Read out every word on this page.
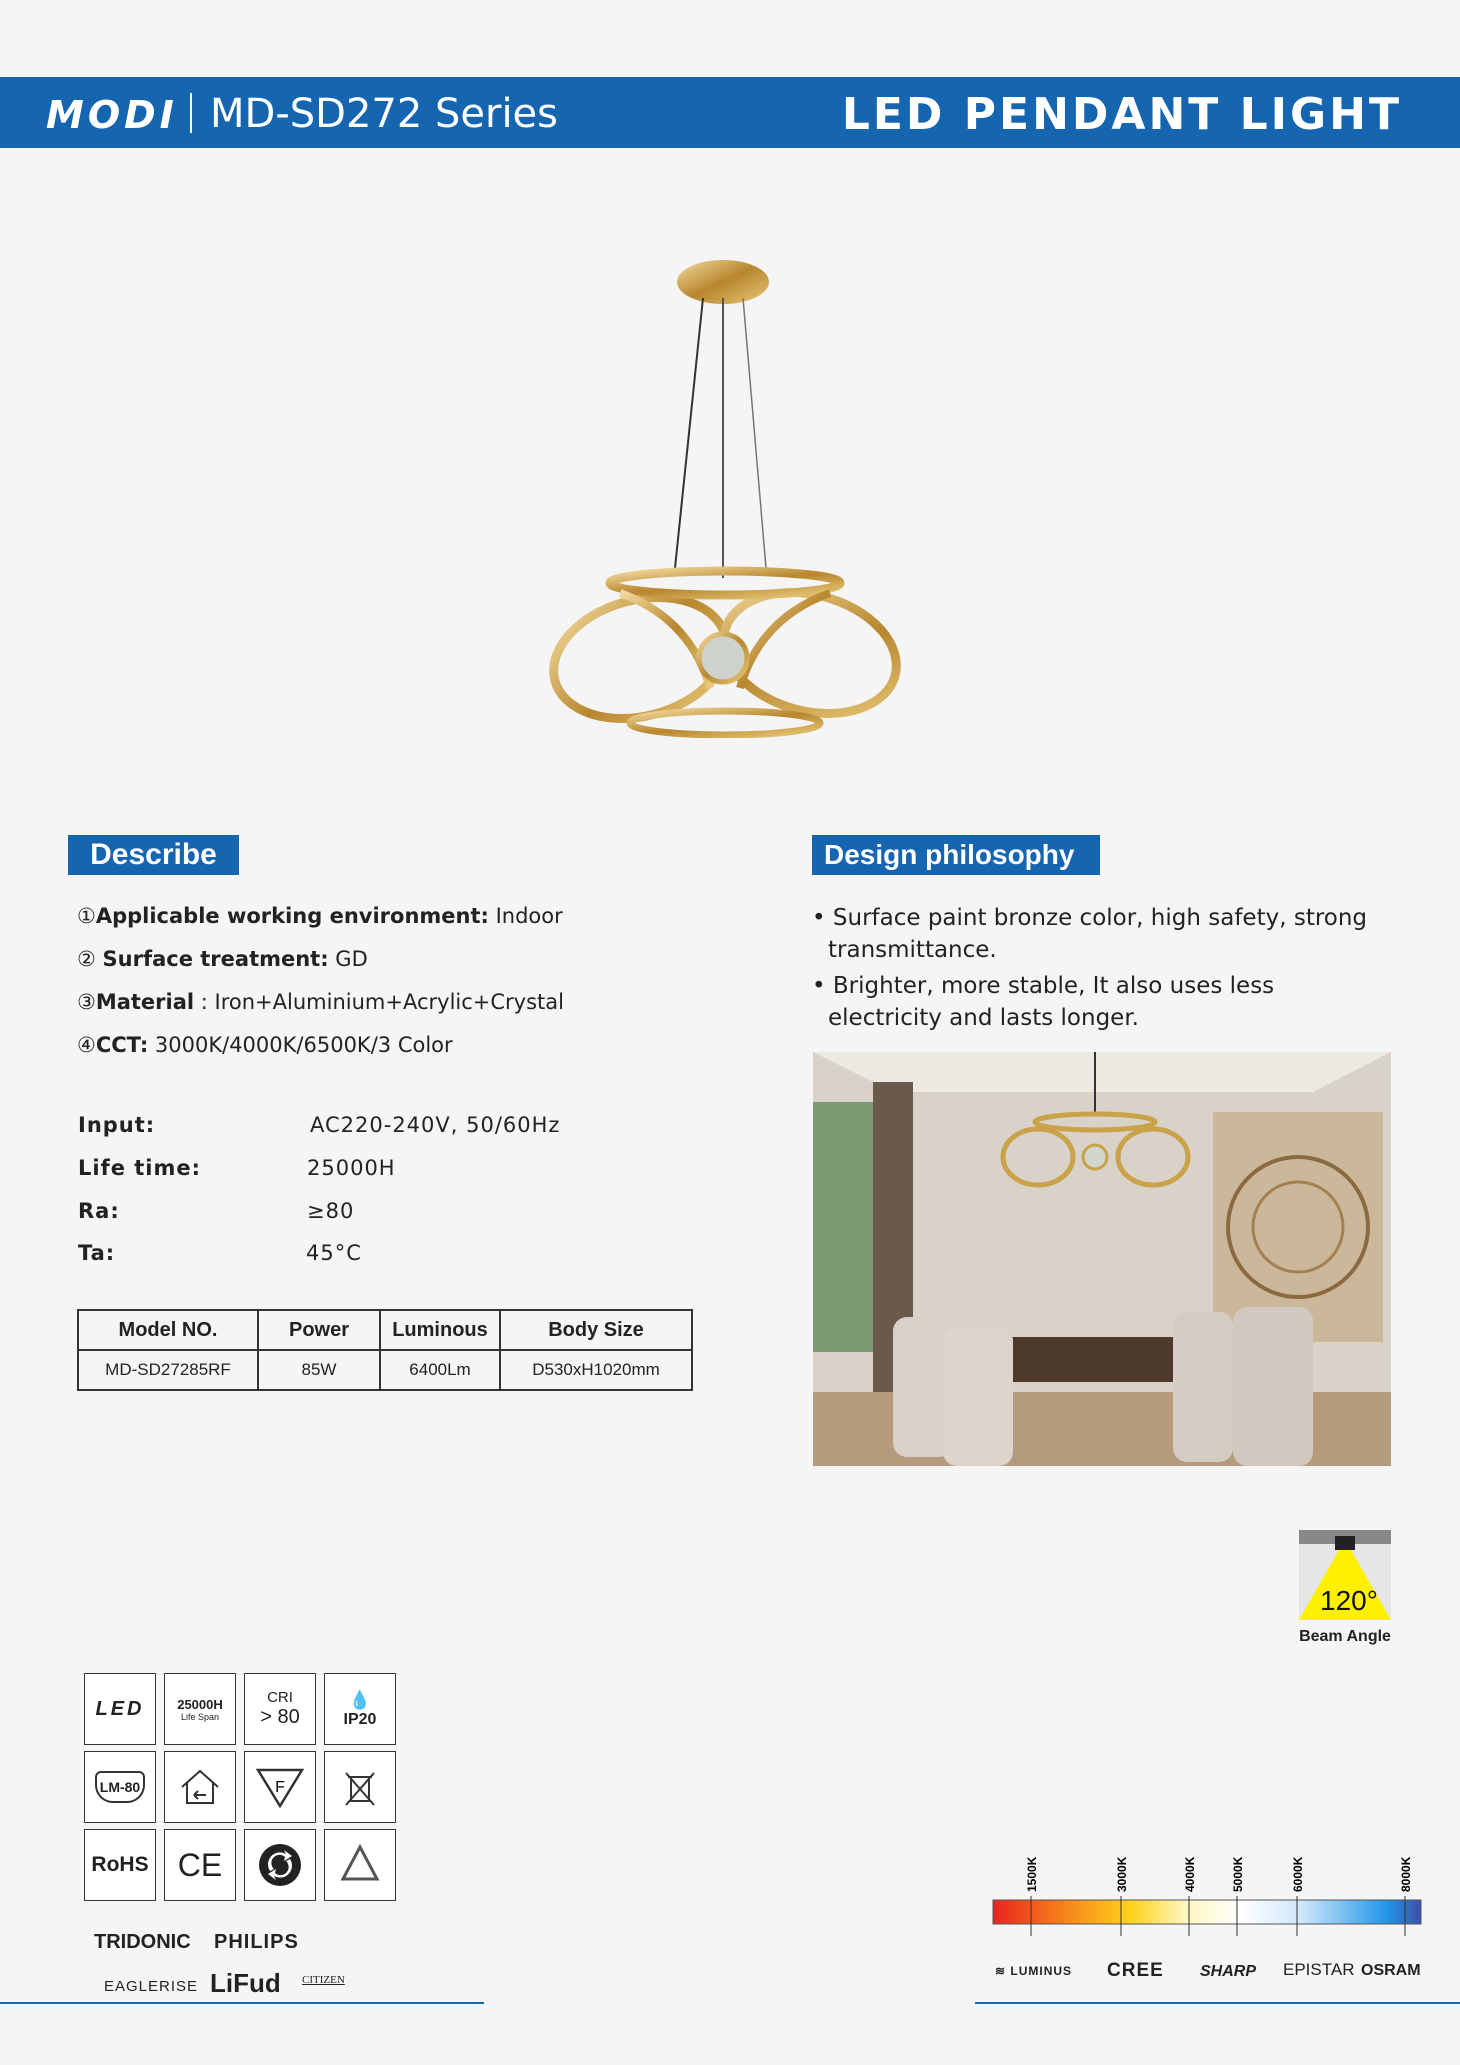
MODI MD-SD272 Series	LED PENDANT LIGHT
Describe
①Applicable working environment: Indoor
② Surface treatment: GD
③Material : Iron+Aluminium+Acrylic+Crystal
④CCT: 3000K/4000K/6500K/3 Color
Input:	AC220-240V, 50/60Hz
Life time:	25000H
Ra:	≥80
Ta:	45°C
Model NO.	Power	Luminous	Body Size
MD-SD27285RF	85W	6400Lm	D530xH1020mm
Design philosophy
• Surface paint bronze color, high safety, strong transmittance.
• Brighter, more stable, It also uses less electricity and lasts longer.
120°
Beam Angle
LED	25000H
Life Span
CRI
> 80
💧
IP20
LM-80	F
RoHS CE
TRIDONIC PHILIPS
EAGLERISE LiFud CITIZEN
1500K	3000K	4000K	5000K	6000K	8000K
≋ LUMINUS CREE SHARP EPISTAR OSRAM
